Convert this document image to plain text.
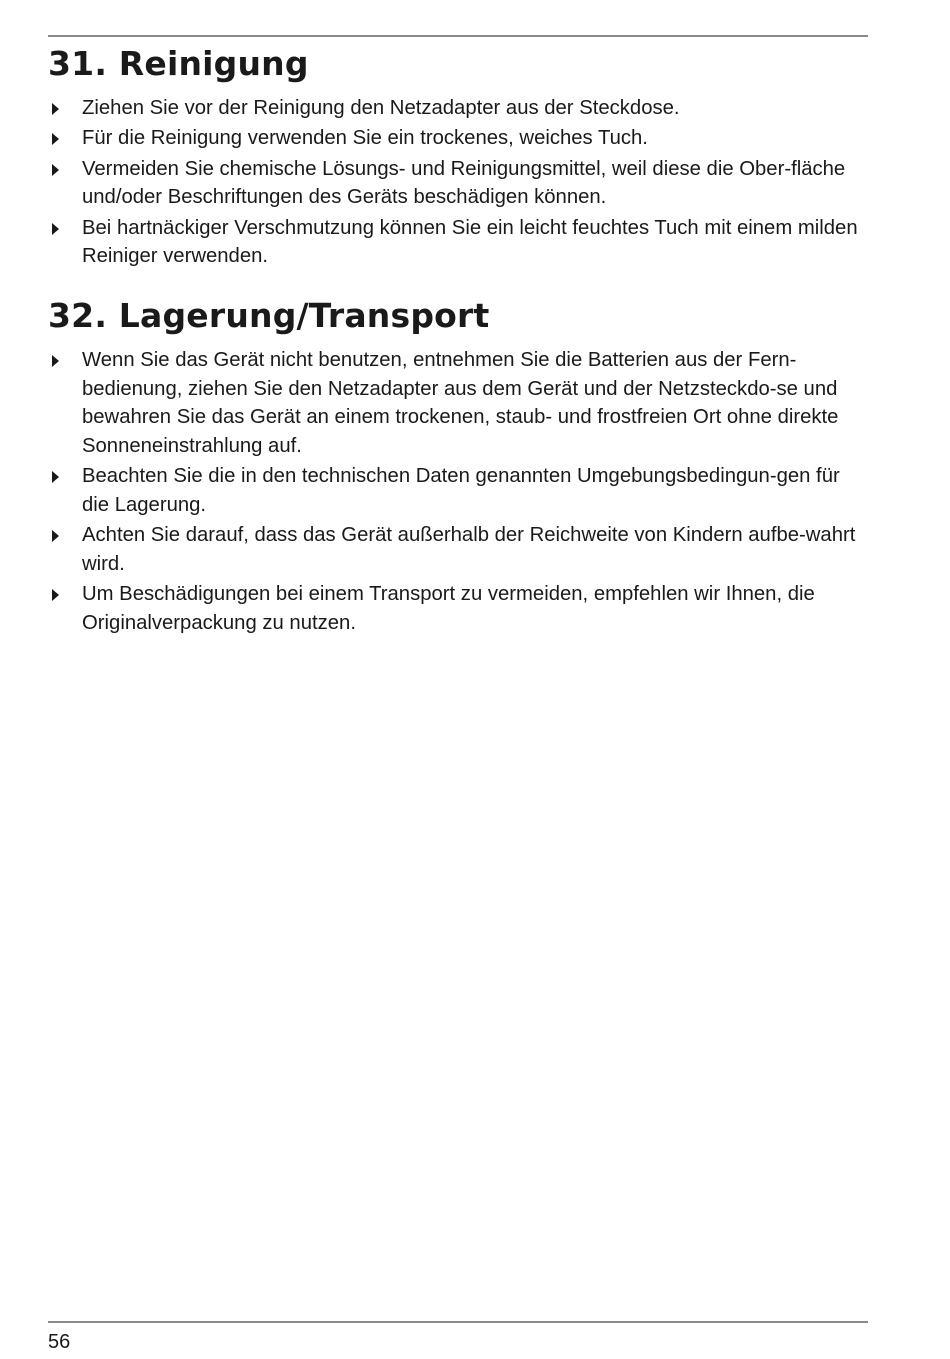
31. Reinigung
Ziehen Sie vor der Reinigung den Netzadapter aus der Steckdose.
Für die Reinigung verwenden Sie ein trockenes, weiches Tuch.
Vermeiden Sie chemische Lösungs- und Reinigungsmittel, weil diese die Ober-fläche und/oder Beschriftungen des Geräts beschädigen können.
Bei hartnäckiger Verschmutzung können Sie ein leicht feuchtes Tuch mit einem milden Reiniger verwenden.
32. Lagerung/Transport
Wenn Sie das Gerät nicht benutzen, entnehmen Sie die Batterien aus der Fern-bedienung, ziehen Sie den Netzadapter aus dem Gerät und der Netzsteckdo-se und bewahren Sie das Gerät an einem trockenen, staub- und frostfreien Ort ohne direkte Sonneneinstrahlung auf.
Beachten Sie die in den technischen Daten genannten Umgebungsbedingun-gen für die Lagerung.
Achten Sie darauf, dass das Gerät außerhalb der Reichweite von Kindern aufbe-wahrt wird.
Um Beschädigungen bei einem Transport zu vermeiden, empfehlen wir Ihnen, die Originalverpackung zu nutzen.
56
